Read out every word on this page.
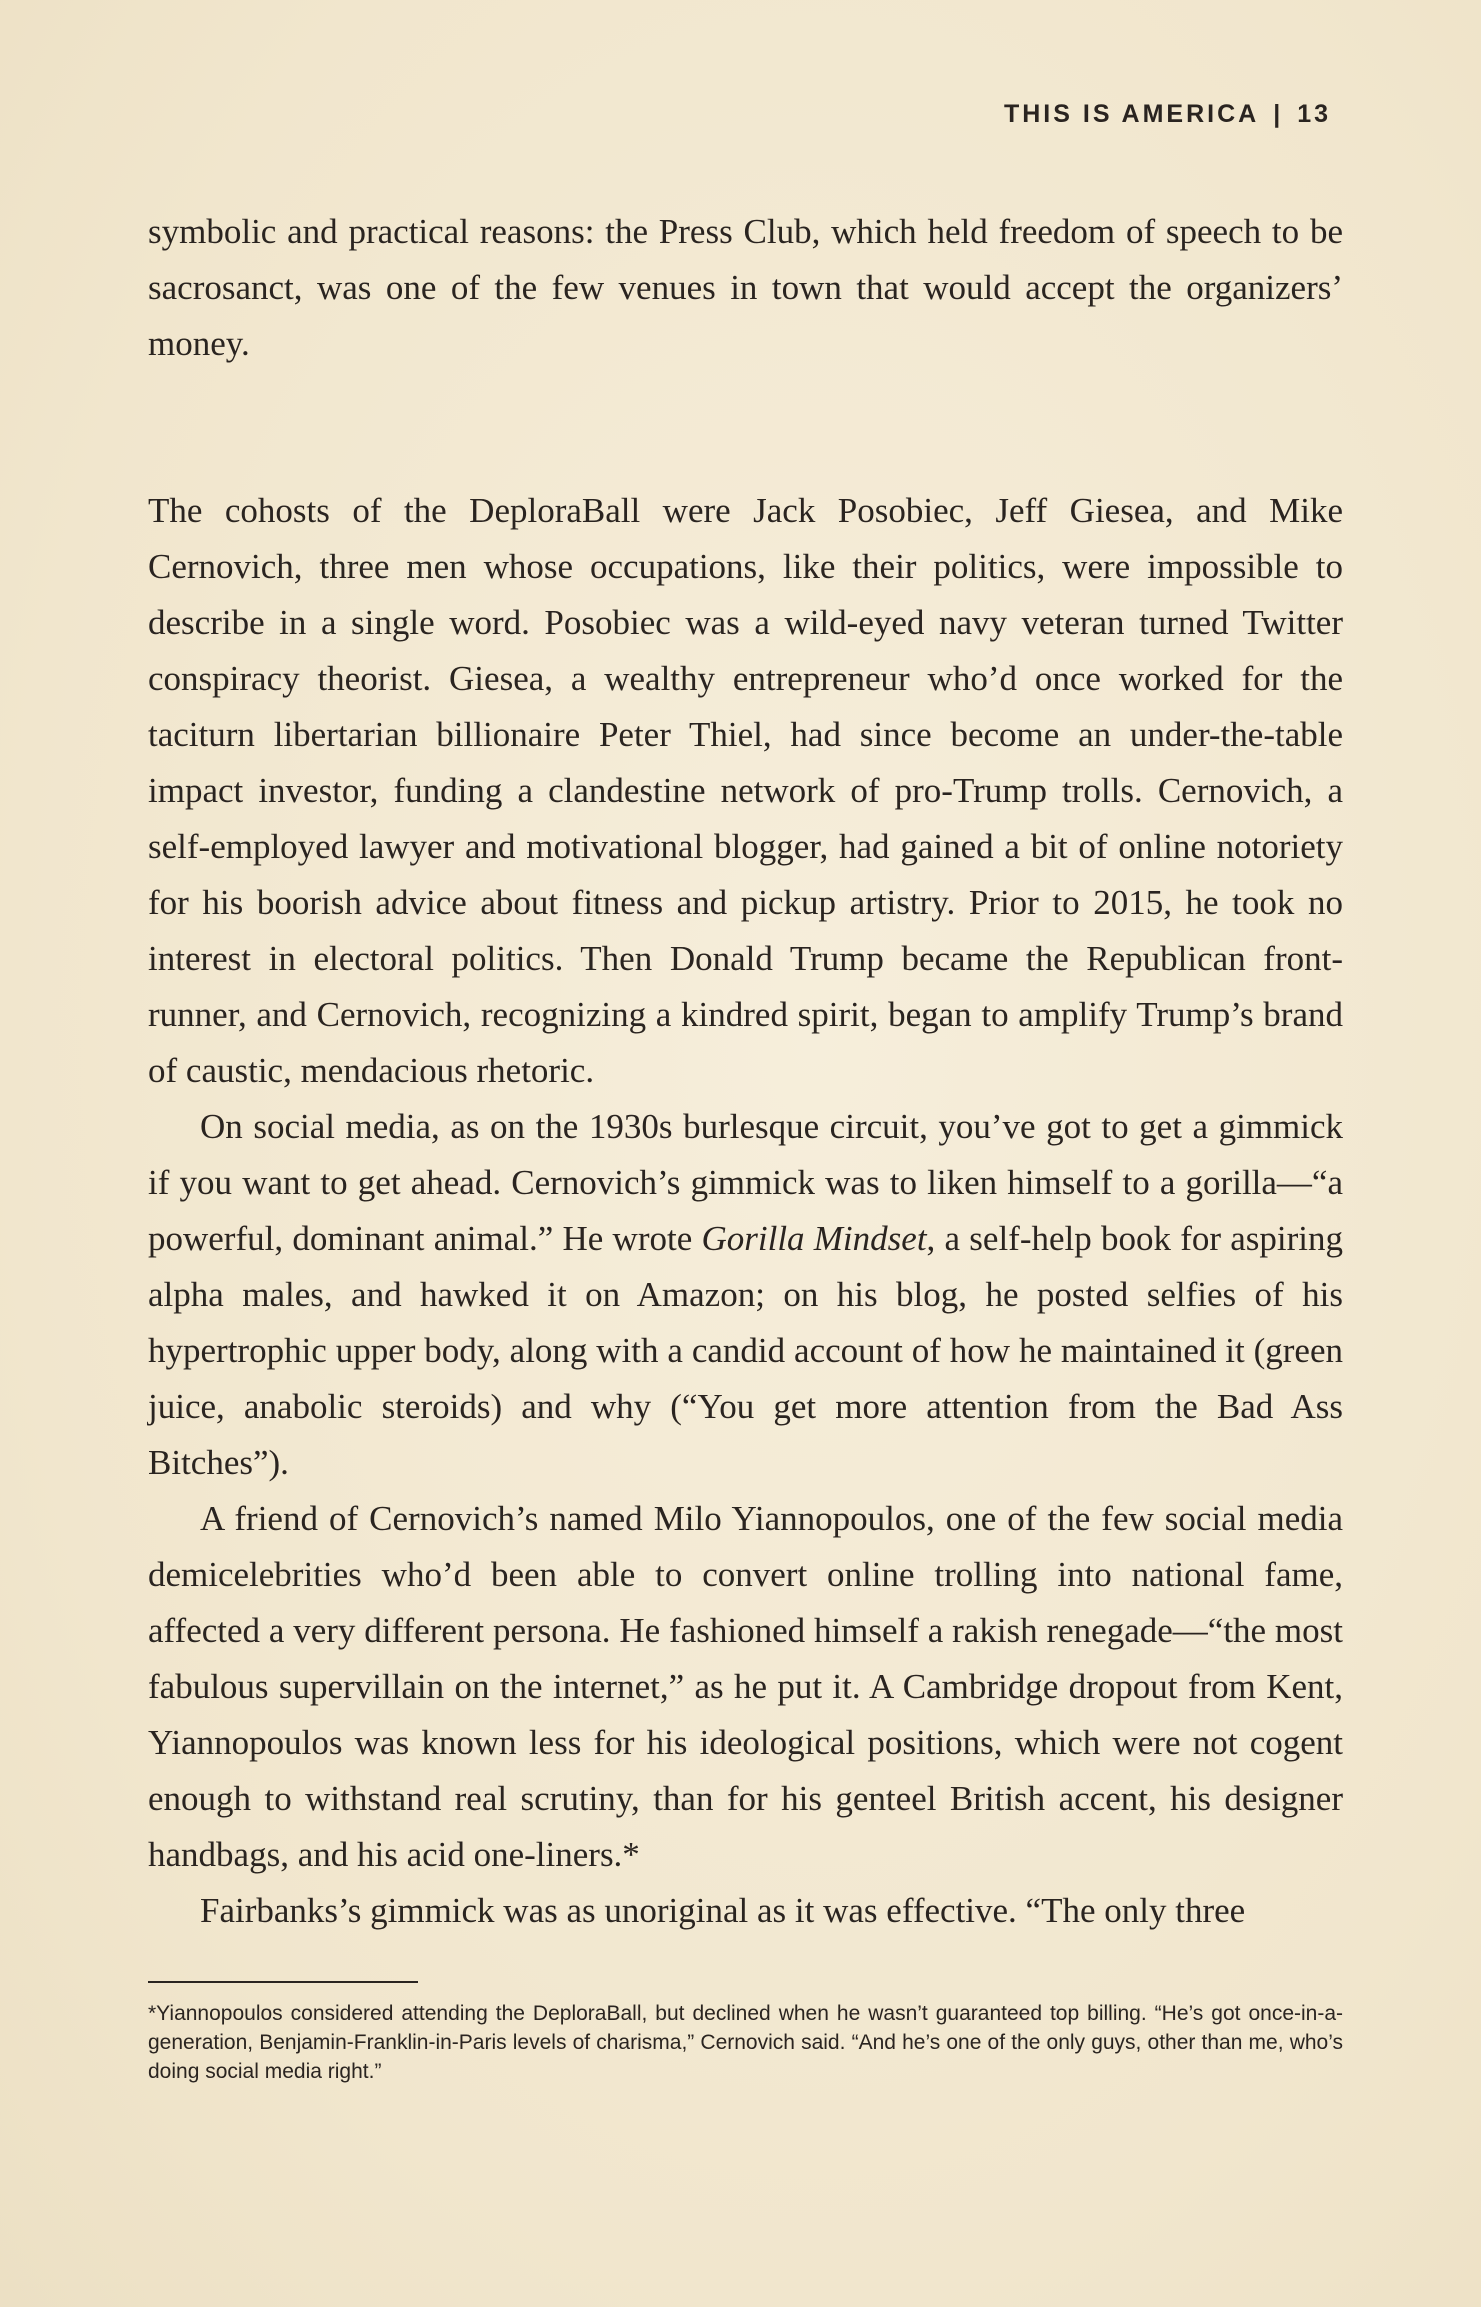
THIS IS AMERICA | 13

symbolic and practical reasons: the Press Club, which held freedom of speech to be sacrosanct, was one of the few venues in town that would accept the organizers’ money.

The cohosts of the DeploraBall were Jack Posobiec, Jeff Giesea, and Mike Cernovich, three men whose occupations, like their politics, were impossible to describe in a single word. Posobiec was a wild-eyed navy veteran turned Twitter conspiracy theorist. Giesea, a wealthy entrepreneur who’d once worked for the taciturn libertarian billionaire Peter Thiel, had since become an under-the-table impact investor, funding a clandestine network of pro-Trump trolls. Cernovich, a self-employed lawyer and motivational blogger, had gained a bit of online notoriety for his boorish advice about fitness and pickup artistry. Prior to 2015, he took no interest in electoral politics. Then Donald Trump became the Republican front-runner, and Cernovich, recognizing a kindred spirit, began to amplify Trump’s brand of caustic, mendacious rhetoric.

On social media, as on the 1930s burlesque circuit, you’ve got to get a gimmick if you want to get ahead. Cernovich’s gimmick was to liken himself to a gorilla—“a powerful, dominant animal.” He wrote Gorilla Mindset, a self-help book for aspiring alpha males, and hawked it on Amazon; on his blog, he posted selfies of his hypertrophic upper body, along with a candid account of how he maintained it (green juice, anabolic steroids) and why (“You get more attention from the Bad Ass Bitches”).

A friend of Cernovich’s named Milo Yiannopoulos, one of the few social media demicelebrities who’d been able to convert online trolling into national fame, affected a very different persona. He fashioned himself a rakish renegade—“the most fabulous supervillain on the internet,” as he put it. A Cambridge dropout from Kent, Yiannopoulos was known less for his ideological positions, which were not cogent enough to withstand real scrutiny, than for his genteel British accent, his designer handbags, and his acid one-liners.*

Fairbanks’s gimmick was as unoriginal as it was effective. “The only three

*Yiannopoulos considered attending the DeploraBall, but declined when he wasn’t guaranteed top billing. “He’s got once-in-a-generation, Benjamin-Franklin-in-Paris levels of charisma,” Cernovich said. “And he’s one of the only guys, other than me, who’s doing social media right.”
